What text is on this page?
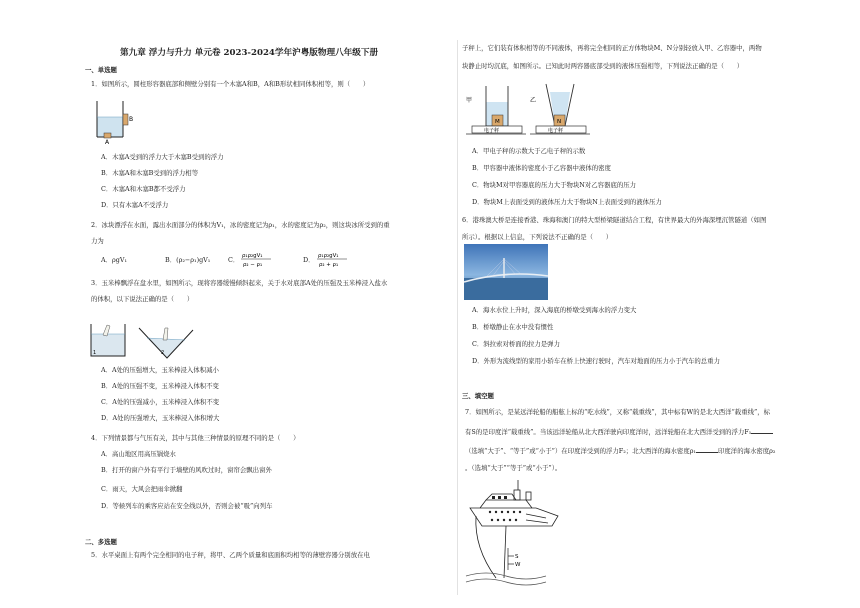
第九章 浮力与升力 单元卷 2023-2024学年沪粤版物理八年级下册
一、单选题
1．如图所示，圆柱形容器底部和侧壁分别有一个木塞A和B，A和B形状相同体积相等，则（　　）
B
A
A．木塞A受到的浮力大于木塞B受到的浮力
B．木塞A和木塞B受到的浮力相等
C．木塞A和木塞B都不受浮力
D．只有木塞A不受浮力
2．冰块漂浮在水面，露出水面部分的体积为V₁，冰的密度记为ρ₁，水的密度记为ρ₂，则这块冰所受到的重
力为
A．ρgV₁	B．(ρ₂−ρ₁)gV₁	C． ρ₁ρ₂gV₁
ρ₂ − ρ₁
D． ρ₁ρ₂gV₁
ρ₂ + ρ₁
3．玉米棒飘浮在盘水里，如图所示，现将容器缓慢倾斜起来，关于水对底部A处的压强及玉米棒浸入盐水
的体积，以下说法正确的是（　　）
1	2
A．A处的压强增大，玉米棒浸入体积减小
B．A处的压强不变，玉米棒浸入体积不变
C．A处的压强减小，玉米棒浸入体积不变
D．A处的压强增大，玉米棒浸入体积增大
4．下列情景都与气压有关，其中与其他三种情景的原理不同的是（　　）
A．高山地区用高压锅烧水
B．打开的窗户外有平行于墙壁的风吹过时，窗帘会飘出窗外
C．雨天，大风会把雨伞掀翻
D．等候列车的乘客应站在安全线以外，否则会被“吸”向列车
二、多选题
5．水平桌面上有两个完全相同的电子秤，将甲、乙两个质量和底面积均相等的薄壁容器分别放在电
子秤上，它们装有体积相等的不同液体，再将完全相同的正方体物块M、N分别轻放入甲、乙容器中，两物
块静止时均沉底，如图所示。已知此时两容器底部受到的液体压强相等，下列说法正确的是（　　）
甲
M
电子秤
乙
N
电子秤
A．甲电子秤的示数大于乙电子秤的示数
B．甲容器中液体的密度小于乙容器中液体的密度
C．物块M对甲容器底的压力大于物块N对乙容器底的压力
D．物块M上表面受到的液体压力大于物块N上表面受到的液体压力
6．港珠澳大桥是连接香港、珠海和澳门的特大型桥梁隧道结合工程，有世界最大的外海深埋沉管隧道（如图
所示）。根据以上信息，下列说法不正确的是（　　）
A．海水水位上升时，深入海底的桥墩受到海水的浮力变大
B．桥墩静止在水中没有惯性
C．斜拉索对桥面的拉力是弹力
D．外形为流线型的家用小轿车在桥上快速行驶时，汽车对地面的压力小于汽车的总重力
三、填空题
7．如图所示，是某远洋轮船的船舷上标的“吃水线”，又称“载重线”，其中标有W的是北大西洋“载重线”，标
有S的是印度洋“载重线”。当该远洋轮船从北大西洋驶向印度洋时，远洋轮船在北大西洋受到的浮力F₁
（选填“大于”、“等于”或“小于”）在印度洋受到的浮力F₂；北大西洋的海水密度ρ₁	印度洋的海水密度ρ₂
。（选填“大于”“等于”或“小于”）。
S
W
